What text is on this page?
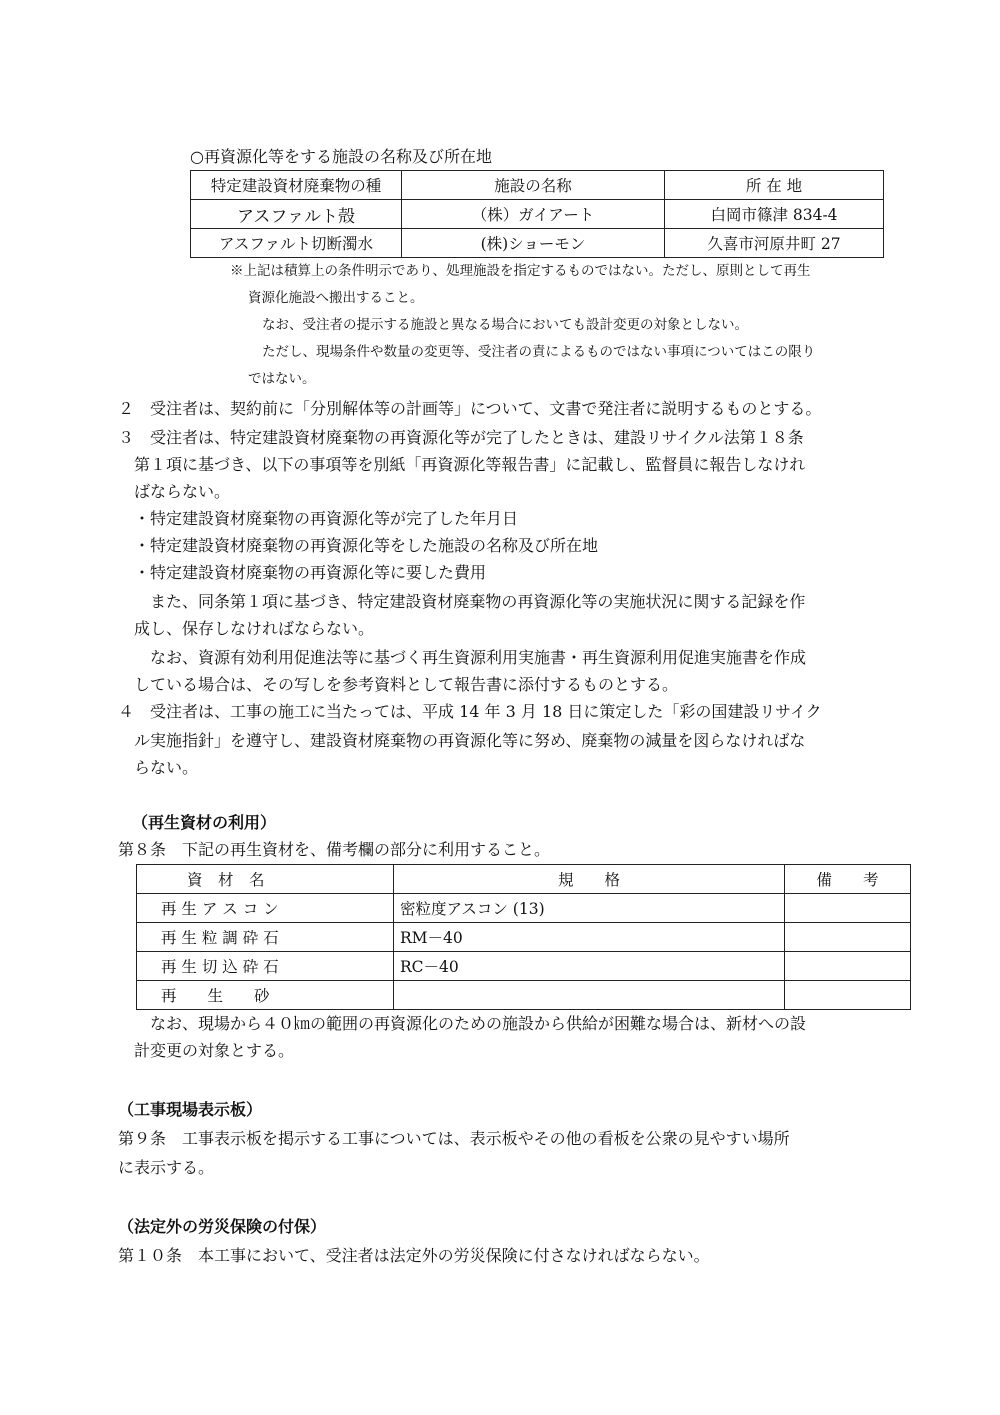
○再資源化等をする施設の名称及び所在地
特定建設資材廃棄物の種	施設の名称	所 在 地
アスファルト殻	（株）ガイアート	白岡市篠津 834-4
アスファルト切断濁水	(株)ショーモン	久喜市河原井町 27
※上記は積算上の条件明示であり、処理施設を指定するものではない。ただし、原則として再生
資源化施設へ搬出すること。
なお、受注者の提示する施設と異なる場合においても設計変更の対象としない。
ただし、現場条件や数量の変更等、受注者の責によるものではない事項についてはこの限り
ではない。
２　受注者は、契約前に「分別解体等の計画等」について、文書で発注者に説明するものとする。
３　受注者は、特定建設資材廃棄物の再資源化等が完了したときは、建設リサイクル法第１８条
第１項に基づき、以下の事項等を別紙「再資源化等報告書」に記載し、監督員に報告しなけれ
ばならない。
・特定建設資材廃棄物の再資源化等が完了した年月日
・特定建設資材廃棄物の再資源化等をした施設の名称及び所在地
・特定建設資材廃棄物の再資源化等に要した費用
また、同条第１項に基づき、特定建設資材廃棄物の再資源化等の実施状況に関する記録を作
成し、保存しなければならない。
なお、資源有効利用促進法等に基づく再生資源利用実施書・再生資源利用促進実施書を作成
している場合は、その写しを参考資料として報告書に添付するものとする。
４　受注者は、工事の施工に当たっては、平成 14 年 3 月 18 日に策定した「彩の国建設リサイク
ル実施指針」を遵守し、建設資材廃棄物の再資源化等に努め、廃棄物の減量を図らなければな
らない。
（再生資材の利用）
第８条　下記の再生資材を、備考欄の部分に利用すること。
資　材　名	規　　格	備　　考
再 生 ア ス コ ン	密粒度アスコン (13)	
再 生 粒 調 砕 石	RM－40	
再 生 切 込 砕 石	RC－40	
再　　生　　砂		
なお、現場から４０㎞の範囲の再資源化のための施設から供給が困難な場合は、新材への設
計変更の対象とする。
（工事現場表示板）
第９条　工事表示板を掲示する工事については、表示板やその他の看板を公衆の見やすい場所
に表示する。
（法定外の労災保険の付保）
第１０条　本工事において、受注者は法定外の労災保険に付さなければならない。
